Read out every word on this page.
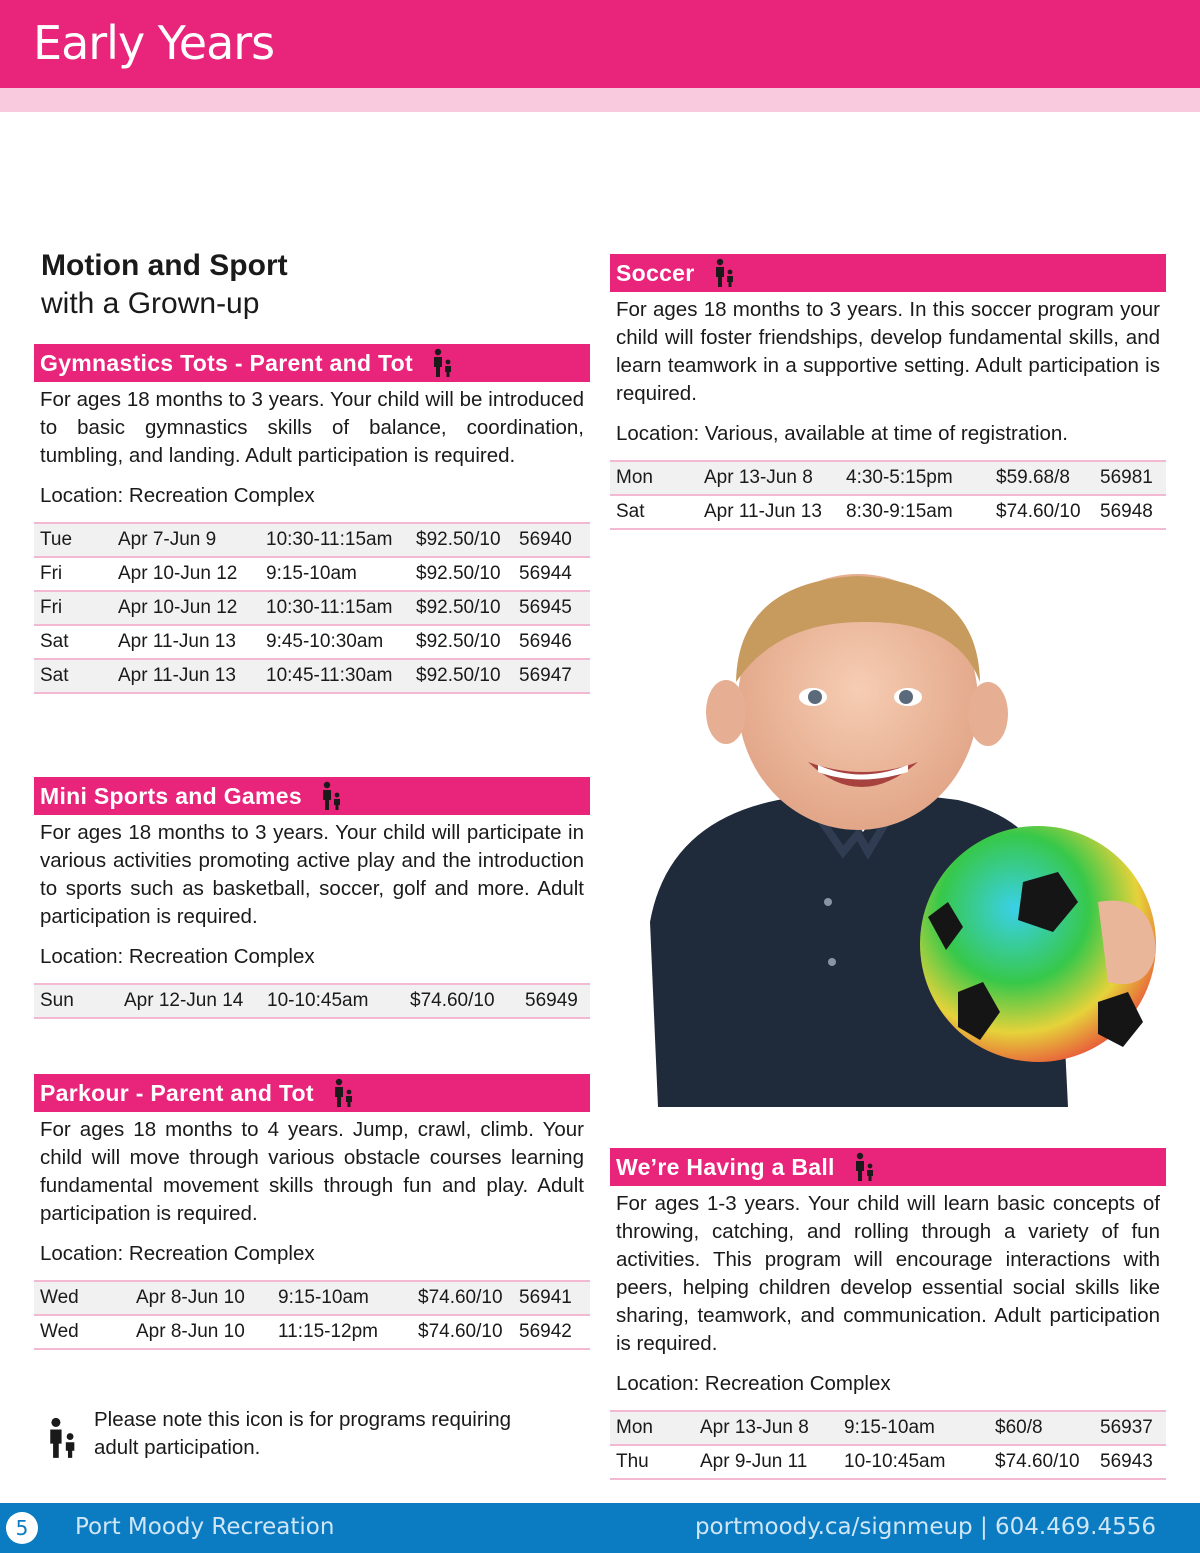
Early Years
Motion and Sport
with a Grown-up
Gymnastics Tots - Parent and Tot

For ages 18 months to 3 years. Your child will be introduced to basic gymnastics skills of balance, coordination, tumbling, and landing. Adult participation is required.

Location: Recreation Complex

Tue	Apr 7-Jun 9	10:30-11:15am	$92.50/10	56940
Fri	Apr 10-Jun 12	9:15-10am	$92.50/10	56944
Fri	Apr 10-Jun 12	10:30-11:15am	$92.50/10	56945
Sat	Apr 11-Jun 13	9:45-10:30am	$92.50/10	56946
Sat	Apr 11-Jun 13	10:45-11:30am	$92.50/10	56947
Mini Sports and Games

For ages 18 months to 3 years. Your child will participate in various activities promoting active play and the introduction to sports such as basketball, soccer, golf and more. Adult participation is required.

Location: Recreation Complex

Sun	Apr 12-Jun 14	10-10:45am	$74.60/10	56949
Parkour - Parent and Tot

For ages 18 months to 4 years. Jump, crawl, climb. Your child will move through various obstacle courses learning fundamental movement skills through fun and play. Adult participation is required.

Location: Recreation Complex

Wed	Apr 8-Jun 10	9:15-10am	$74.60/10	56941
Wed	Apr 8-Jun 10	11:15-12pm	$74.60/10	56942
Soccer

For ages 18 months to 3 years. In this soccer program your child will foster friendships, develop fundamental skills, and learn teamwork in a supportive setting. Adult participation is required.

Location: Various, available at time of registration.

Mon	Apr 13-Jun 8	4:30-5:15pm	$59.68/8	56981
Sat	Apr 11-Jun 13	8:30-9:15am	$74.60/10	56948
We’re Having a Ball

For ages 1-3 years. Your child will learn basic concepts of throwing, catching, and rolling through a variety of fun activities. This program will encourage interactions with peers, helping children develop essential social skills like sharing, teamwork, and communication. Adult participation is required.

Location: Recreation Complex

Mon	Apr 13-Jun 8	9:15-10am	$60/8	56937
Thu	Apr 9-Jun 11	10-10:45am	$74.60/10	56943
Please note this icon is for programs requiring adult participation.
5	Port Moody Recreation	portmoody.ca/signmeup | 604.469.4556
